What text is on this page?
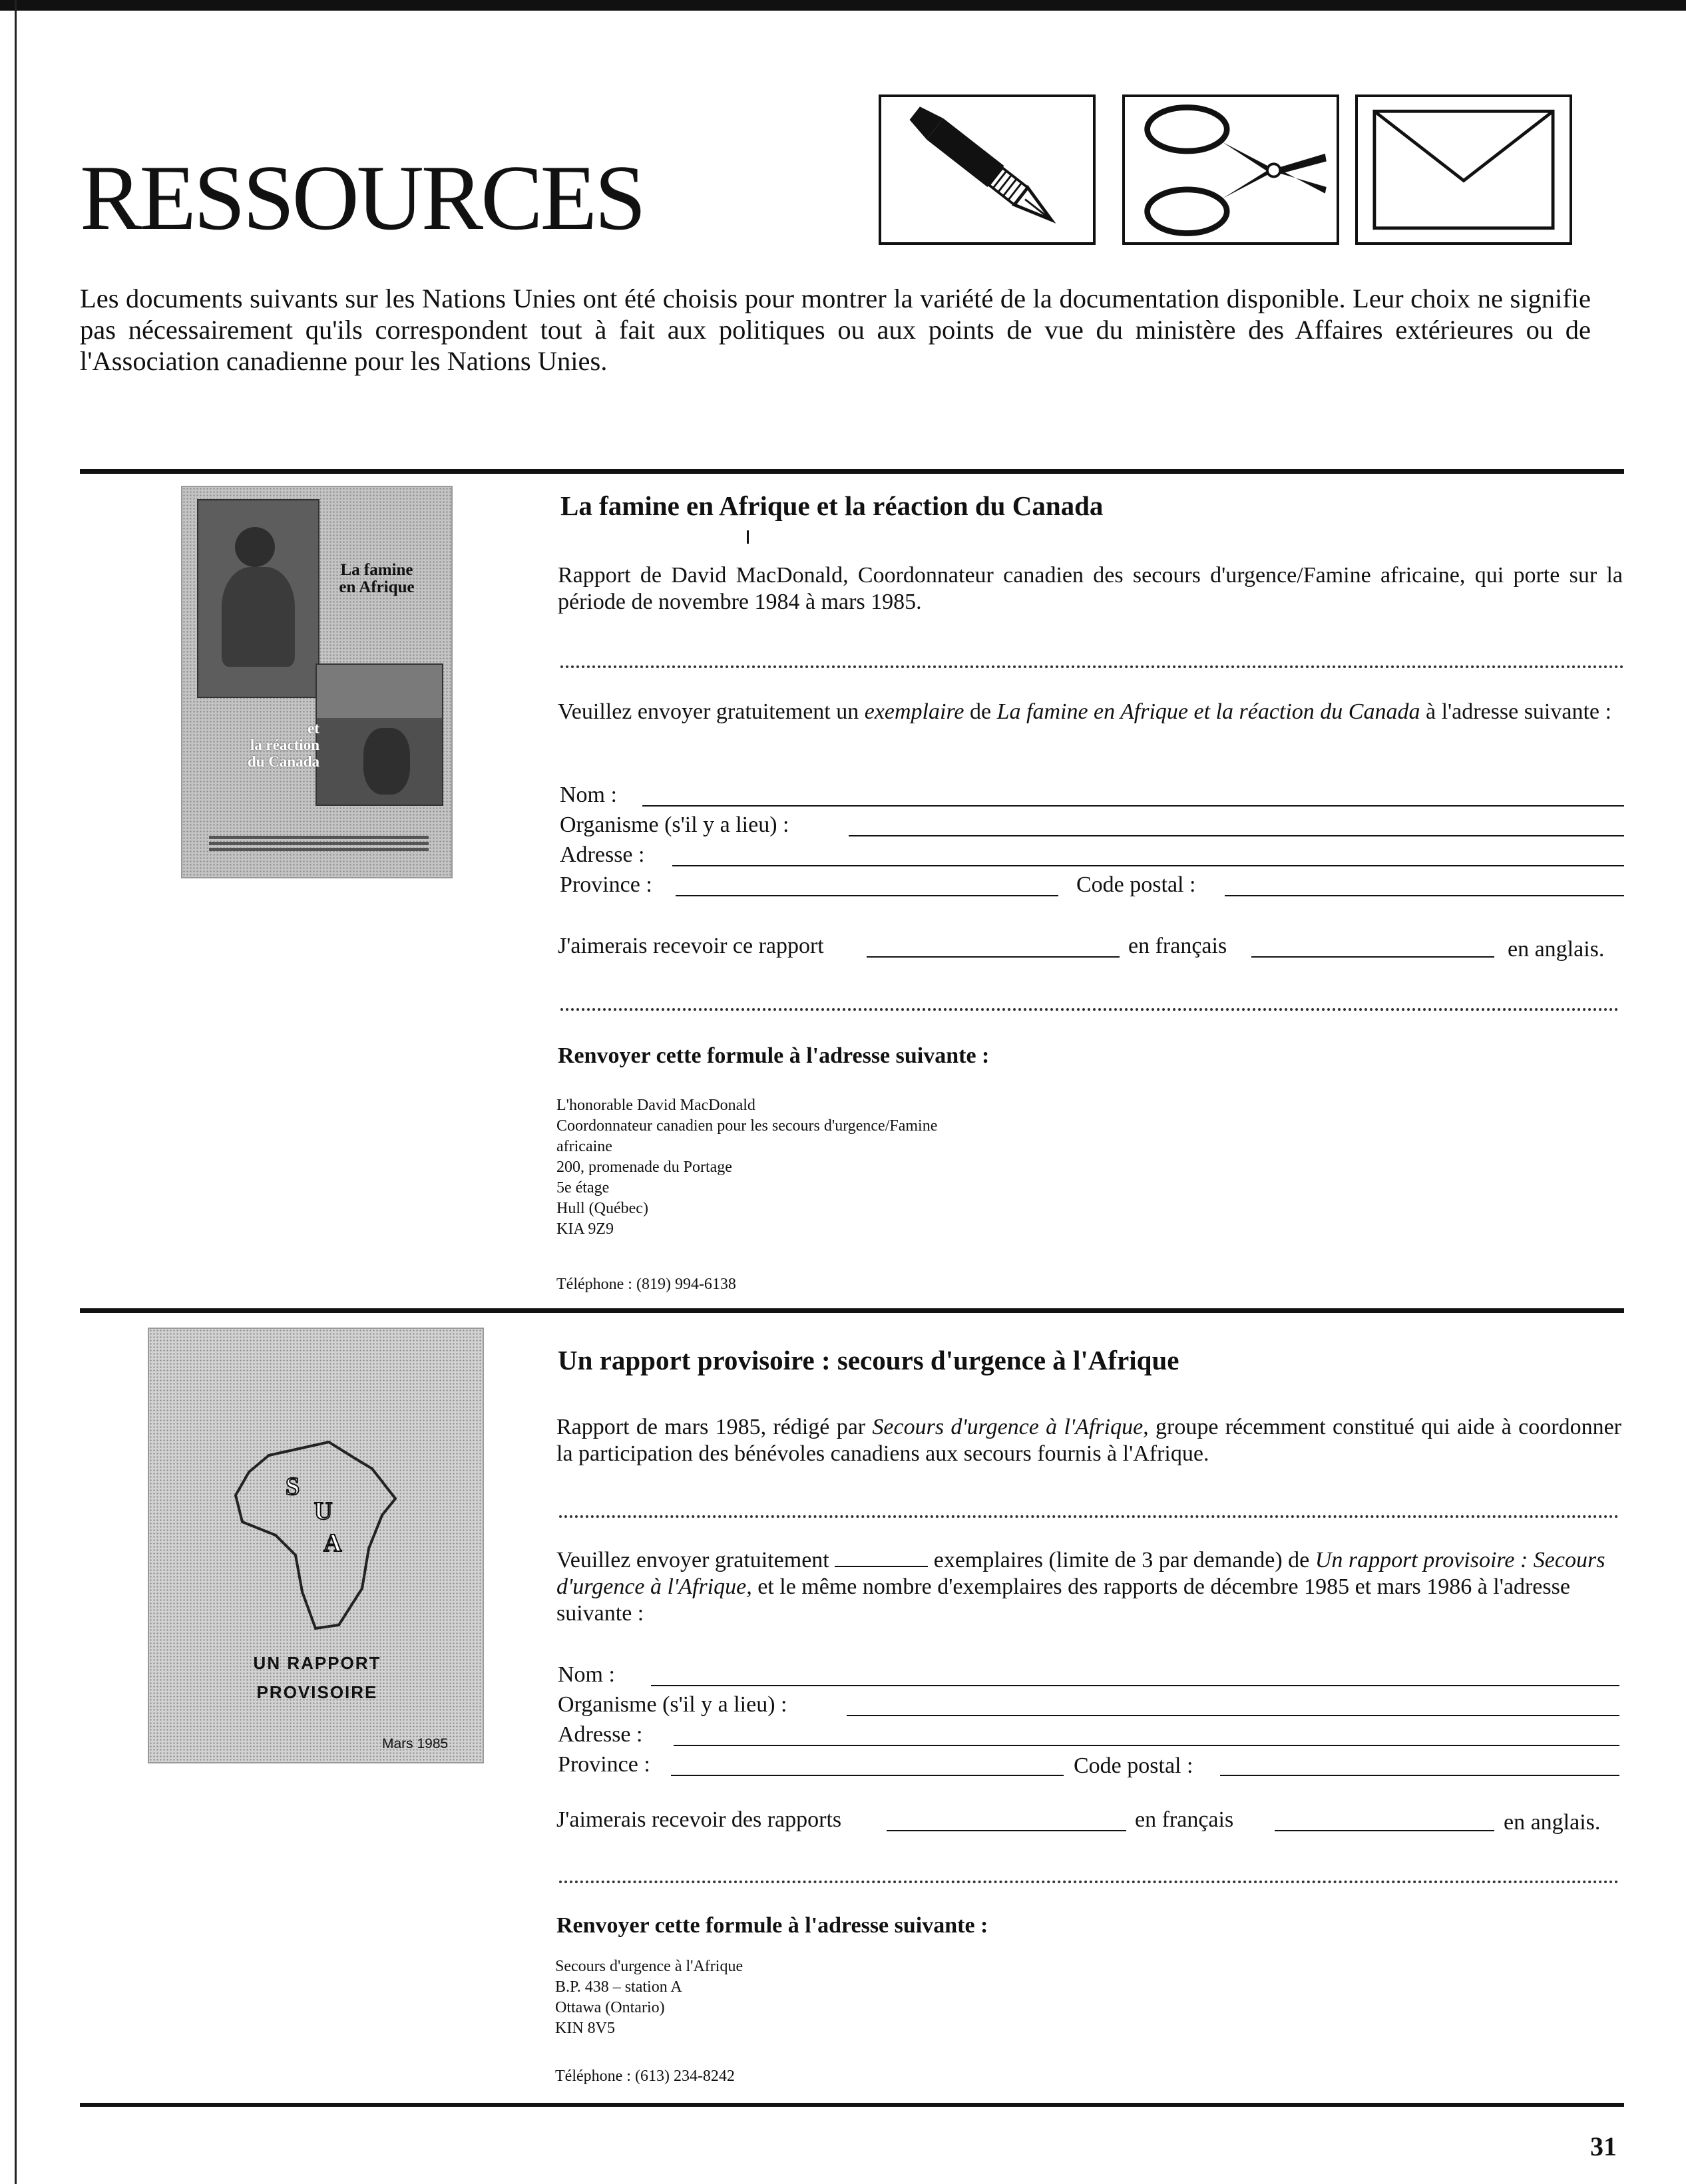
RESSOURCES
Les documents suivants sur les Nations Unies ont été choisis pour montrer la variété de la documentation disponible. Leur choix ne signifie pas nécessairement qu'ils correspondent tout à fait aux politiques ou aux points de vue du ministère des Affaires extérieures ou de l'Association canadienne pour les Nations Unies.
La famine
en Afrique
et
la réaction
du Canada
La famine en Afrique et la réaction du Canada
Rapport de David MacDonald, Coordonnateur canadien des secours d'urgence/Famine africaine, qui porte sur la période de novembre 1984 à mars 1985.
Veuillez envoyer gratuitement un exemplaire de La famine en Afrique et la réaction du Canada à l'adresse suivante :
Nom :
Organisme (s'il y a lieu) :
Adresse :
Province :	Code postal :
J'aimerais recevoir ce rapport	en français	en anglais.
Renvoyer cette formule à l'adresse suivante :
L'honorable David MacDonald
Coordonnateur canadien pour les secours d'urgence/Famine
africaine
200, promenade du Portage
5e étage
Hull (Québec)
KIA 9Z9
Téléphone : (819) 994-6138
S
U
A
UN RAPPORT
PROVISOIRE
Mars 1985
Un rapport provisoire : secours d'urgence à l'Afrique
Rapport de mars 1985, rédigé par Secours d'urgence à l'Afrique, groupe récemment constitué qui aide à coordonner la participation des bénévoles canadiens aux secours fournis à l'Afrique.
Veuillez envoyer gratuitement	exemplaires (limite de 3 par demande) de Un rapport provisoire : Secours d'urgence à l'Afrique, et le même nombre d'exemplaires des rapports de décembre 1985 et mars 1986 à l'adresse suivante :
Nom :
Organisme (s'il y a lieu) :
Adresse :
Province :	Code postal :
J'aimerais recevoir des rapports	en français	en anglais.
Renvoyer cette formule à l'adresse suivante :
Secours d'urgence à l'Afrique
B.P. 438 – station A
Ottawa (Ontario)
KIN 8V5
Téléphone : (613) 234-8242
31
